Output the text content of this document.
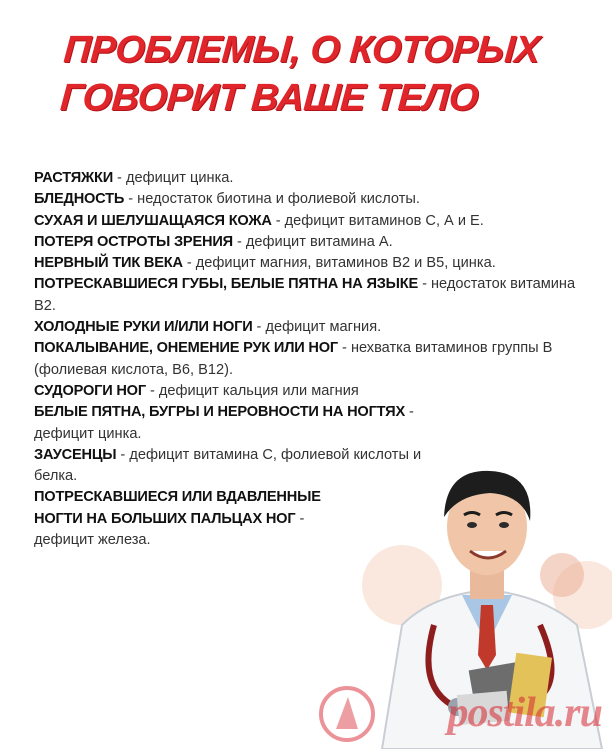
ПРОБЛЕМЫ, О КОТОРЫХ
ГОВОРИТ ВАШЕ ТЕЛО

РАСТЯЖКИ - дефицит цинка.

БЛЕДНОСТЬ - недостаток биотина и фолиевой кислоты.

СУХАЯ И ШЕЛУШАЩАЯСЯ КОЖА - дефицит витаминов С, А и Е.

ПОТЕРЯ ОСТРОТЫ ЗРЕНИЯ - дефицит витамина А.

НЕРВНЫЙ ТИК ВЕКА - дефицит магния, витаминов В2 и В5, цинка.

ПОТРЕСКАВШИЕСЯ ГУБЫ, БЕЛЫЕ ПЯТНА НА ЯЗЫКЕ - недостаток витамина В2.

ХОЛОДНЫЕ РУКИ И/ИЛИ НОГИ - дефицит магния.

ПОКАЛЫВАНИЕ, ОНЕМЕНИЕ РУК ИЛИ НОГ - нехватка витаминов группы В (фолиевая кислота, В6, В12).

СУДОРОГИ НОГ - дефицит кальция или магния

БЕЛЫЕ ПЯТНА, БУГРЫ И НЕРОВНОСТИ НА НОГТЯХ - дефицит цинка.

ЗАУСЕНЦЫ - дефицит витамина С, фолиевой кислоты и белка.

ПОТРЕСКАВШИЕСЯ ИЛИ ВДАВЛЕННЫЕ НОГТИ НА БОЛЬШИХ ПАЛЬЦАХ НОГ - дефицит железа.

postila.ru
